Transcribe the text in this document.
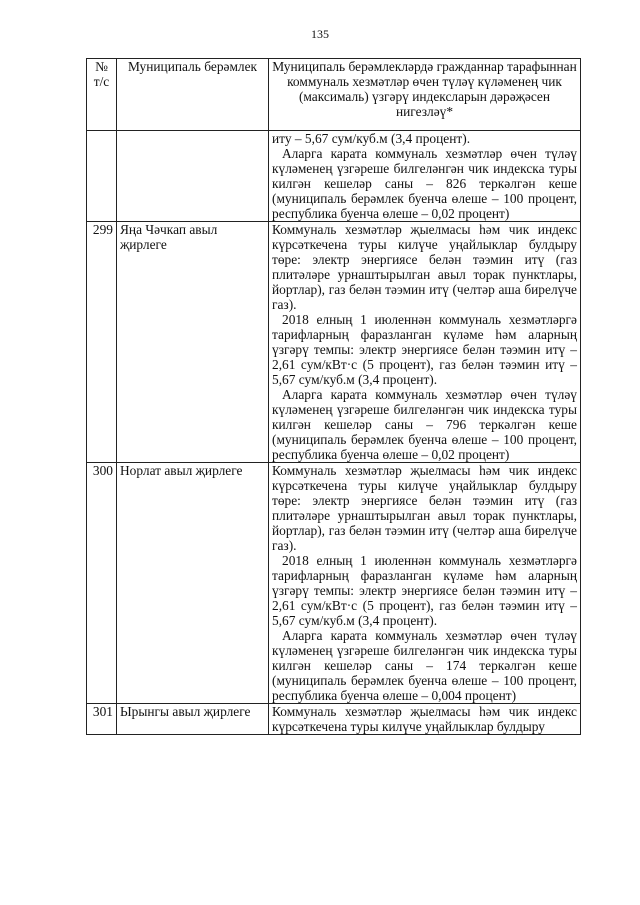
135
№ т/с	Муниципаль берәмлек	Муниципаль берәмлекләрдә гражданнар тарафыннан коммуналь хезмәтләр өчен түләү күләменең чик (максималь) үзгәрү индексларын дәрәҗәсен нигезләү*

		иту – 5,67 сум/куб.м (3,4 процент).

Аларга карата коммуналь хезмәтләр өчен түләү күләменең үзгәреше билгеләнгән чик индекска туры килгән кешеләр саны – 826 теркәлгән кеше (муниципаль берәмлек буенча өлеше – 100 процент, республика буенча өлеше – 0,02 процент)

299	Яңа Чәчкап авыл җирлеге	Коммуналь хезмәтләр җыелмасы һәм чик индекс күрсәткечена туры килүче уңайлыклар булдыру төре: электр энергиясе белән тәэмин итү (газ плитәләре урнаштырылган авыл торак пунктлары, йортлар), газ белән тәэмин итү (челтәр аша бирелүче газ).

2018 елның 1 июленнән коммуналь хезмәтләргә тарифларның фаразланган күләме һәм аларның үзгәрү темпы: электр энергиясе белән тәэмин итү – 2,61 сум/кВт·с (5 процент), газ белән тәэмин итү – 5,67 сум/куб.м (3,4 процент).

Аларга карата коммуналь хезмәтләр өчен түләү күләменең үзгәреше билгеләнгән чик индекска туры килгән кешеләр саны – 796 теркәлгән кеше (муниципаль берәмлек буенча өлеше – 100 процент, республика буенча өлеше – 0,02 процент)

300	Норлат авыл җирлеге	Коммуналь хезмәтләр җыелмасы һәм чик индекс күрсәткечена туры килүче уңайлыклар булдыру төре: электр энергиясе белән тәэмин итү (газ плитәләре урнаштырылган авыл торак пунктлары, йортлар), газ белән тәэмин итү (челтәр аша бирелүче газ).

2018 елның 1 июленнән коммуналь хезмәтләргә тарифларның фаразланган күләме һәм аларның үзгәрү темпы: электр энергиясе белән тәэмин итү – 2,61 сум/кВт·с (5 процент), газ белән тәэмин итү – 5,67 сум/куб.м (3,4 процент).

Аларга карата коммуналь хезмәтләр өчен түләү күләменең үзгәреше билгеләнгән чик индекска туры килгән кешеләр саны – 174 теркәлгән кеше (муниципаль берәмлек буенча өлеше – 100 процент, республика буенча өлеше – 0,004 процент)

301	Ырынгы авыл җирлеге	Коммуналь хезмәтләр җыелмасы һәм чик индекс күрсәткечена туры килүче уңайлыклар булдыру
